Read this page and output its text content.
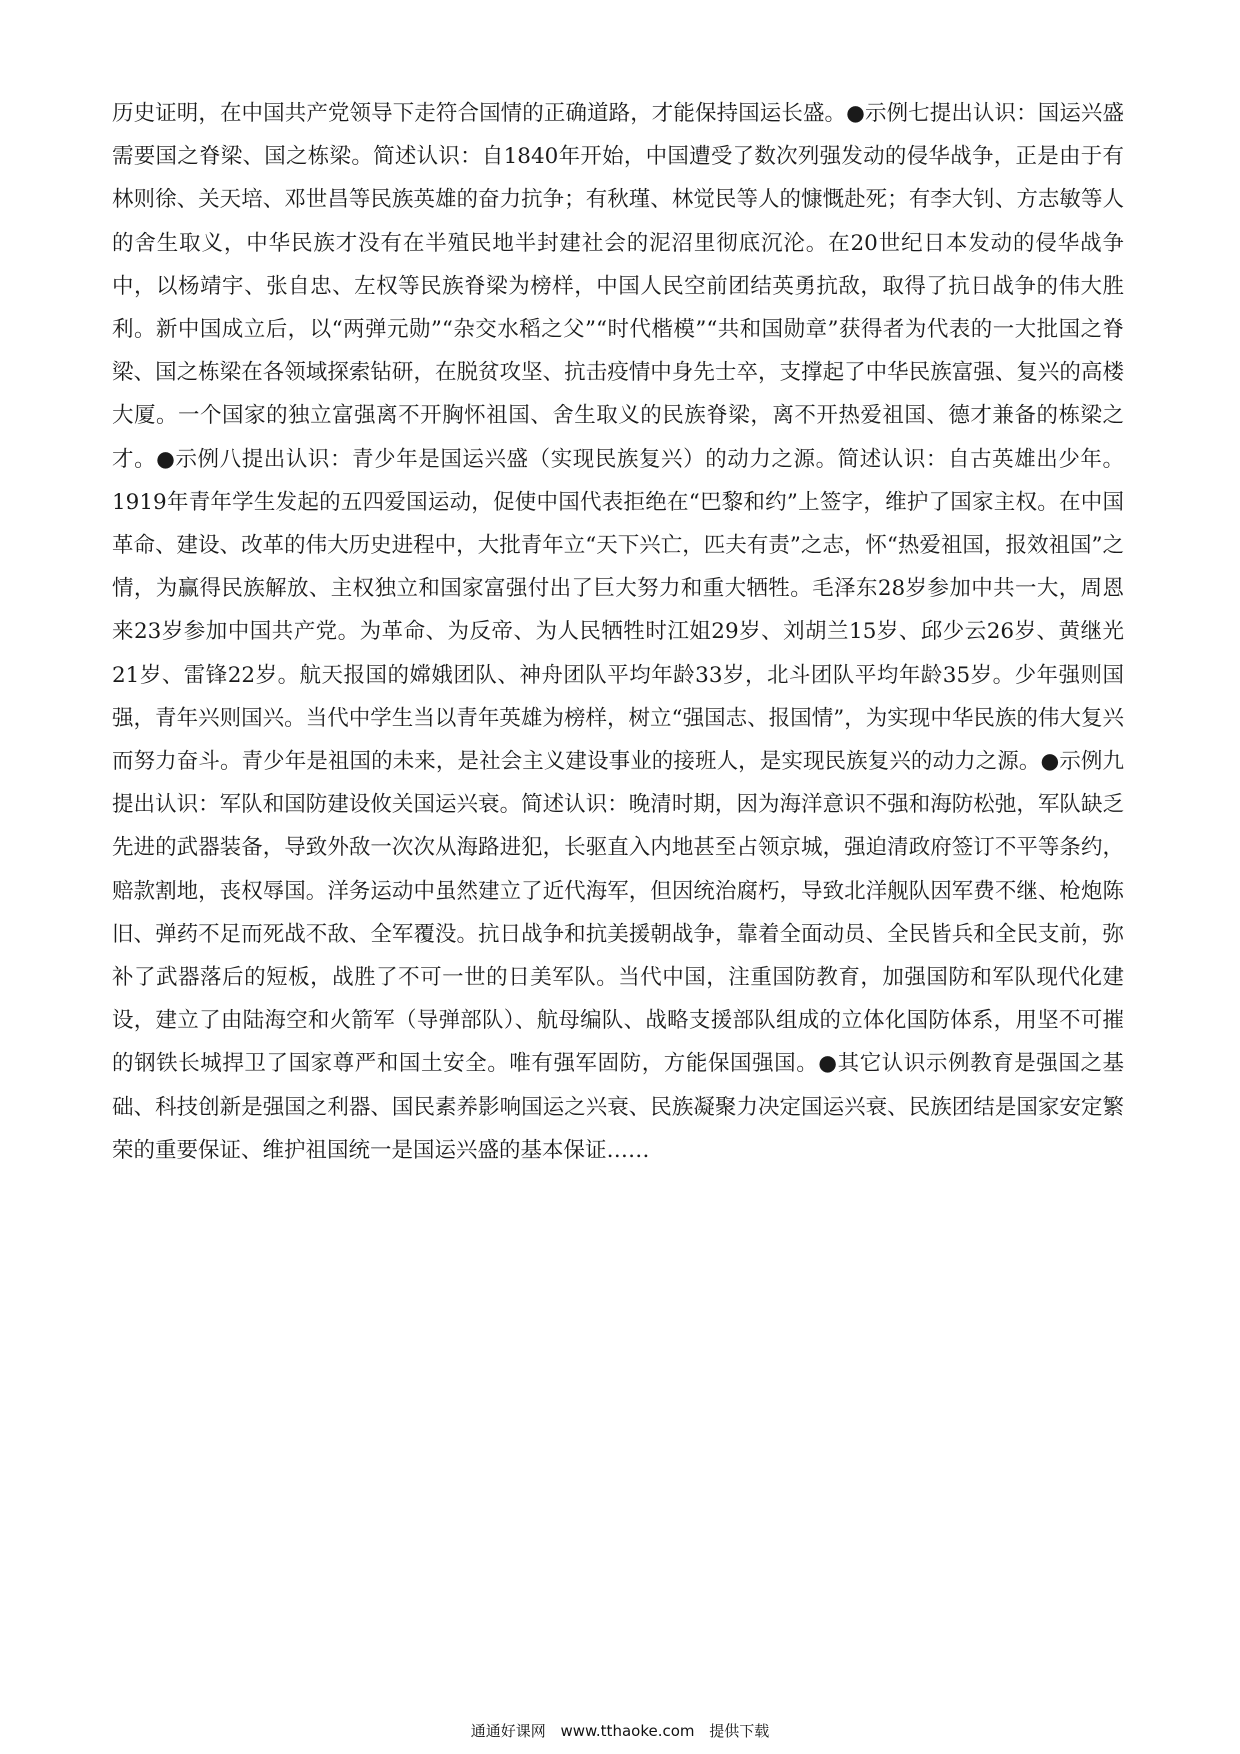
历史证明，在中国共产党领导下走符合国情的正确道路，才能保持国运长盛。●示例七提出认识：国运兴盛需要国之脊梁、国之栋梁。简述认识：自1840年开始，中国遭受了数次列强发动的侵华战争，正是由于有林则徐、关天培、邓世昌等民族英雄的奋力抗争；有秋瑾、林觉民等人的慷慨赴死；有李大钊、方志敏等人的舍生取义，中华民族才没有在半殖民地半封建社会的泥沼里彻底沉沦。在20世纪日本发动的侵华战争中，以杨靖宇、张自忠、左权等民族脊梁为榜样，中国人民空前团结英勇抗敌，取得了抗日战争的伟大胜利。新中国成立后，以“两弹元勋”“杂交水稻之父”“时代楷模”“共和国勋章”获得者为代表的一大批国之脊梁、国之栋梁在各领域探索钻研，在脱贫攻坚、抗击疫情中身先士卒，支撑起了中华民族富强、复兴的高楼大厦。一个国家的独立富强离不开胸怀祖国、舍生取义的民族脊梁，离不开热爱祖国、德才兼备的栋梁之才。●示例八提出认识：青少年是国运兴盛（实现民族复兴）的动力之源。简述认识：自古英雄出少年。1919年青年学生发起的五四爱国运动，促使中国代表拒绝在“巴黎和约”上签字，维护了国家主权。在中国革命、建设、改革的伟大历史进程中，大批青年立“天下兴亡，匹夫有责”之志，怀“热爱祖国，报效祖国”之情，为赢得民族解放、主权独立和国家富强付出了巨大努力和重大牺牲。毛泽东28岁参加中共一大，周恩来23岁参加中国共产党。为革命、为反帝、为人民牺牲时江姐29岁、刘胡兰15岁、邱少云26岁、黄继光21岁、雷锋22岁。航天报国的嫦娥团队、神舟团队平均年龄33岁，北斗团队平均年龄35岁。少年强则国强，青年兴则国兴。当代中学生当以青年英雄为榜样，树立“强国志、报国情”，为实现中华民族的伟大复兴而努力奋斗。青少年是祖国的未来，是社会主义建设事业的接班人，是实现民族复兴的动力之源。●示例九提出认识：军队和国防建设攸关国运兴衰。简述认识：晚清时期，因为海洋意识不强和海防松弛，军队缺乏先进的武器装备，导致外敌一次次从海路进犯，长驱直入内地甚至占领京城，强迫清政府签订不平等条约，赔款割地，丧权辱国。洋务运动中虽然建立了近代海军，但因统治腐朽，导致北洋舰队因军费不继、枪炮陈旧、弹药不足而死战不敌、全军覆没。抗日战争和抗美援朝战争，靠着全面动员、全民皆兵和全民支前，弥补了武器落后的短板，战胜了不可一世的日美军队。当代中国，注重国防教育，加强国防和军队现代化建设，建立了由陆海空和火箭军（导弹部队）、航母编队、战略支援部队组成的立体化国防体系，用坚不可摧的钢铁长城捍卫了国家尊严和国土安全。唯有强军固防，方能保国强国。●其它认识示例教育是强国之基础、科技创新是强国之利器、国民素养影响国运之兴衰、民族凝聚力决定国运兴衰、民族团结是国家安定繁荣的重要保证、维护祖国统一是国运兴盛的基本保证……

通通好课网 www.tthaoke.com 提供下载
